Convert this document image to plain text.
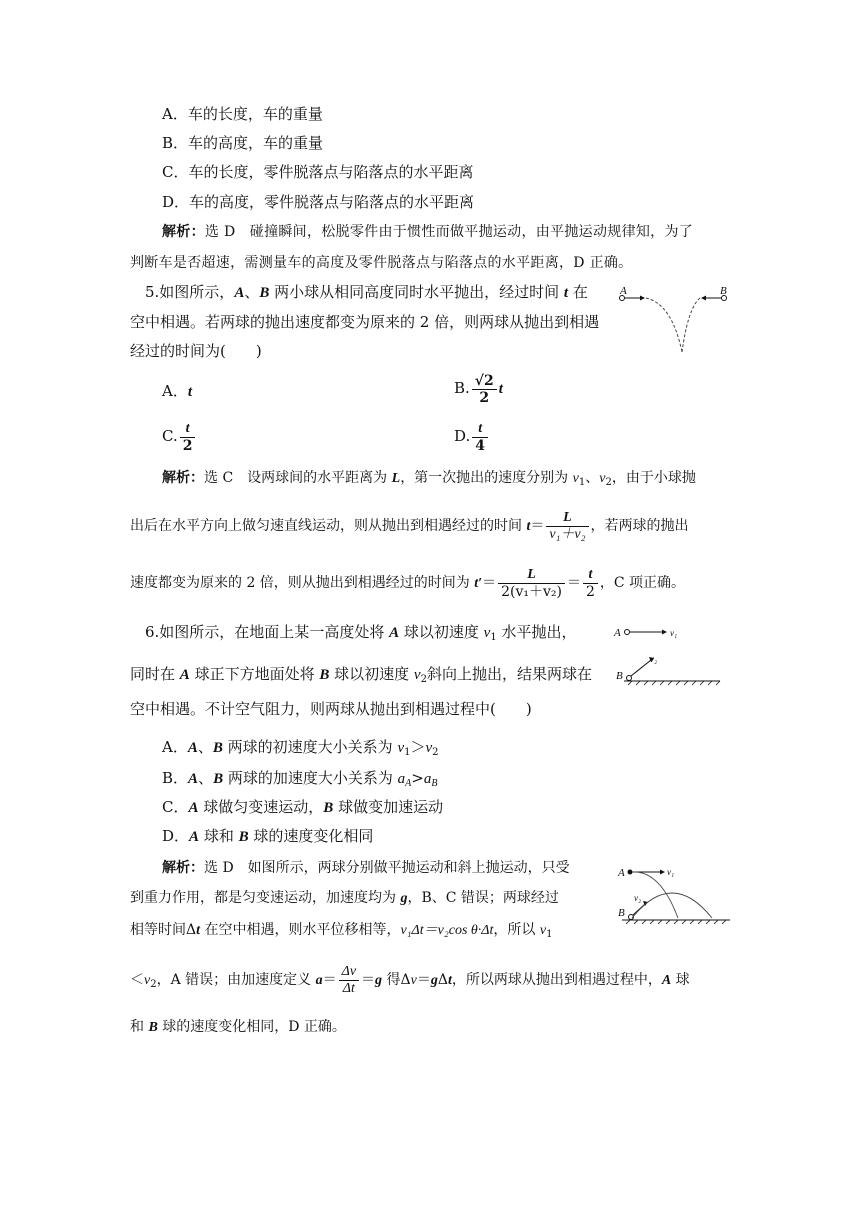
A．车的长度，车的重量
B．车的高度，车的重量
C．车的长度，零件脱落点与陷落点的水平距离
D．车的高度，零件脱落点与陷落点的水平距离
解析：选 D　碰撞瞬间，松脱零件由于惯性而做平抛运动，由平抛运动规律知，为了
判断车是否超速，需测量车的高度及零件脱落点与陷落点的水平距离，D 正确。
5.如图所示，A、B 两小球从相同高度同时水平抛出，经过时间 t 在
空中相遇。若两球的抛出速度都变为原来的 2 倍，则两球从抛出到相遇
经过的时间为(　　)
A	B
A．t	B. $\frac{√2}{2}$ t
C. $\frac{t}{2}$	D. $\frac{t}{4}$
解析：选 C　设两球间的水平距离为 L，第一次抛出的速度分别为 $v_1$、$v_2$，由于小球抛
出后在水平方向上做匀速直线运动，则从抛出到相遇经过的时间 $t= \frac{L}{\text{v₁＋v₂}}$ ，若两球的抛出
速度都变为原来的 2 倍，则从抛出到相遇经过的时间为 $t'= \frac{L}{\text{2(v₁＋v₂)}} = \frac{t}{2}$ ，C 项正确。
6.如图所示，在地面上某一高度处将 A 球以初速度 $v_1$ 水平抛出，
同时在 A 球正下方地面处将 B 球以初速度 $v_2$斜向上抛出，结果两球在
空中相遇。不计空气阻力，则两球从抛出到相遇过程中(　　)
A	v₁
B
v₂
A．A、B 两球的初速度大小关系为 $v_1>v_2$
B．A、B 两球的加速度大小关系为 $a_A>a_B$
C．A 球做匀变速运动，B 球做变加速运动
D．A 球和 B 球的速度变化相同
A	v₁
v₂
B
解析：选 D　如图所示，两球分别做平抛运动和斜上抛运动，只受
到重力作用，都是匀变速运动，加速度均为 g，B、C 错误；两球经过
相等时间Δt 在空中相遇，则水平位移相等，v₁Δt＝v₂cos θ·Δt，所以 $v_1$
$<v_2$，A 错误；由加速度定义 $a= \frac{\Delta v}{\Delta t} =g$ 得Δv＝gΔt，所以两球从抛出到相遇过程中，A 球
和 B 球的速度变化相同，D 正确。
